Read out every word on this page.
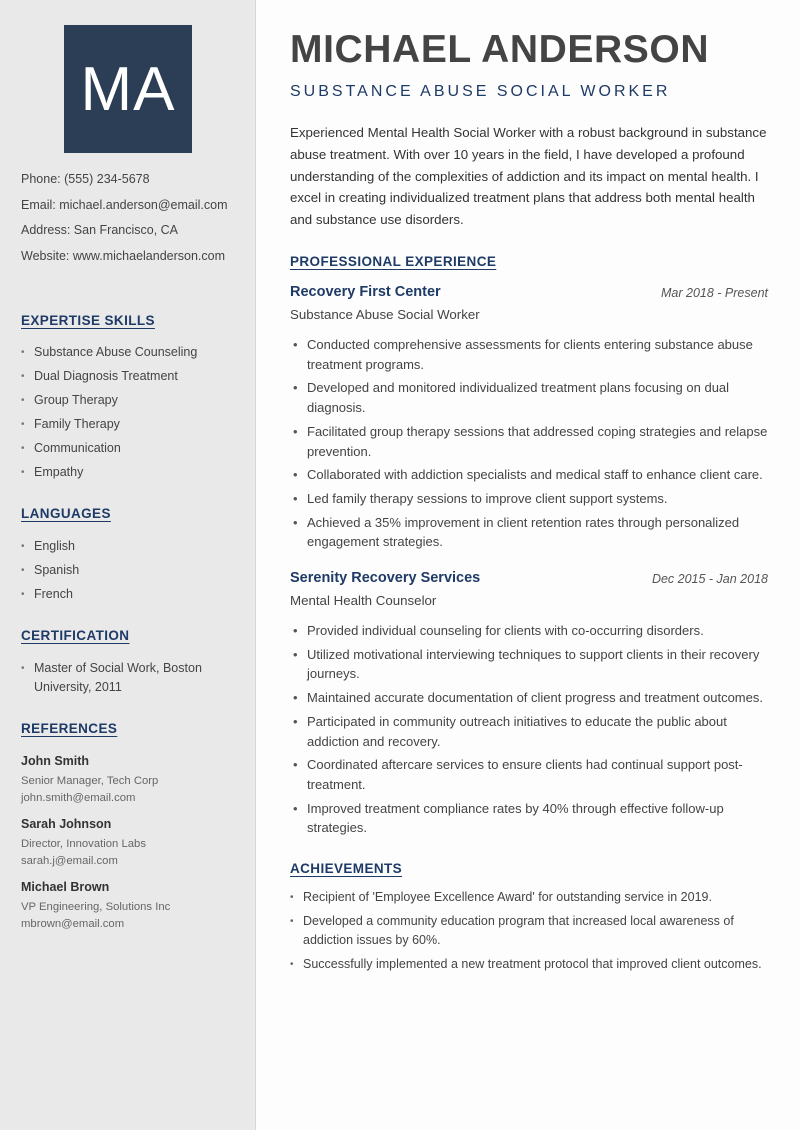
MA
Phone: (555) 234-5678
Email: michael.anderson@email.com
Address: San Francisco, CA
Website: www.michaelanderson.com
EXPERTISE SKILLS
• Substance Abuse Counseling
• Dual Diagnosis Treatment
• Group Therapy
• Family Therapy
• Communication
• Empathy
LANGUAGES
• English
• Spanish
• French
CERTIFICATION
• Master of Social Work, Boston University, 2011
REFERENCES
John Smith
Senior Manager, Tech Corp
john.smith@email.com
Sarah Johnson
Director, Innovation Labs
sarah.j@email.com
Michael Brown
VP Engineering, Solutions Inc
mbrown@email.com
MICHAEL ANDERSON
SUBSTANCE ABUSE SOCIAL WORKER

Experienced Mental Health Social Worker with a robust background in substance abuse treatment. With over 10 years in the field, I have developed a profound understanding of the complexities of addiction and its impact on mental health. I excel in creating individualized treatment plans that address both mental health and substance use disorders.

PROFESSIONAL EXPERIENCE
Recovery First Center	Mar 2018 - Present
Substance Abuse Social Worker
• Conducted comprehensive assessments for clients entering substance abuse treatment programs.
• Developed and monitored individualized treatment plans focusing on dual diagnosis.
• Facilitated group therapy sessions that addressed coping strategies and relapse prevention.
• Collaborated with addiction specialists and medical staff to enhance client care.
• Led family therapy sessions to improve client support systems.
• Achieved a 35% improvement in client retention rates through personalized engagement strategies.
Serenity Recovery Services	Dec 2015 - Jan 2018
Mental Health Counselor
• Provided individual counseling for clients with co-occurring disorders.
• Utilized motivational interviewing techniques to support clients in their recovery journeys.
• Maintained accurate documentation of client progress and treatment outcomes.
• Participated in community outreach initiatives to educate the public about addiction and recovery.
• Coordinated aftercare services to ensure clients had continual support post-treatment.
• Improved treatment compliance rates by 40% through effective follow-up strategies.
ACHIEVEMENTS
• Recipient of 'Employee Excellence Award' for outstanding service in 2019.
• Developed a community education program that increased local awareness of addiction issues by 60%.
• Successfully implemented a new treatment protocol that improved client outcomes.
